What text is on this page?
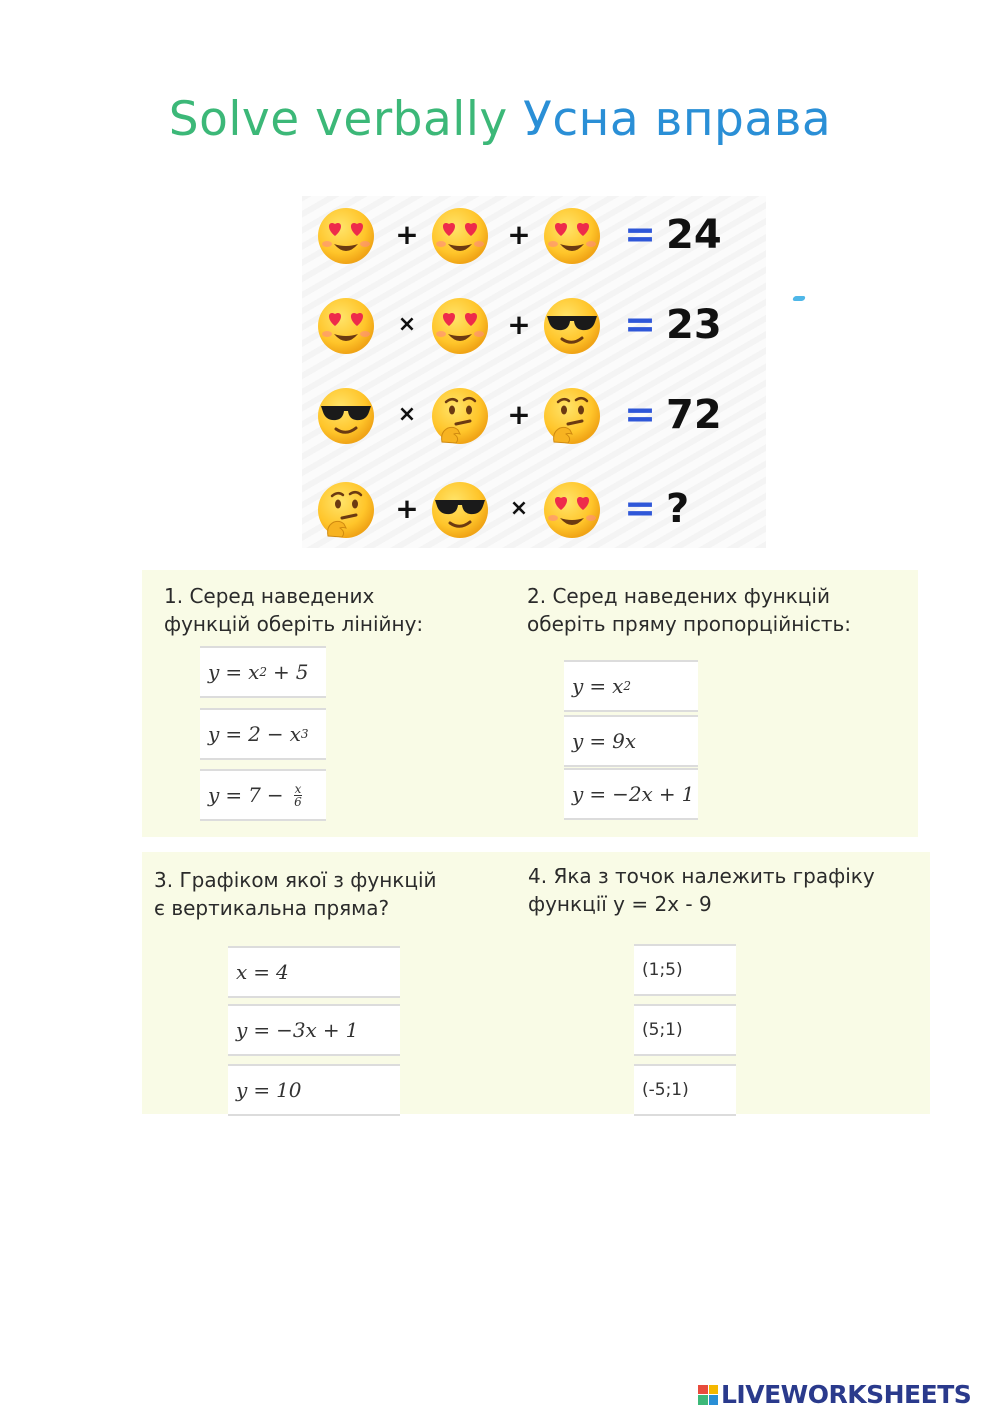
Solve verbally Усна вправа
+	+ = 24
×	+ = 23
×	+ = 72
+	×	= ?
1. Серед наведених
функцій оберіть лінійну:
y = x 2 + 5
y = 2 − x 3
$y = 7 - \frac{x}{6}$
2. Серед наведених функцій
оберіть пряму пропорційність:
y = x 2
y = 9x
y = −2x + 1
3. Графіком якої з функцій
є вертикальна пряма?
x = 4
y = −3x + 1
y = 10
4. Яка з точок належить графіку
функції y = 2x - 9
(1;5)
(5;1)
(-5;1)
LIVEWORKSHEETS
